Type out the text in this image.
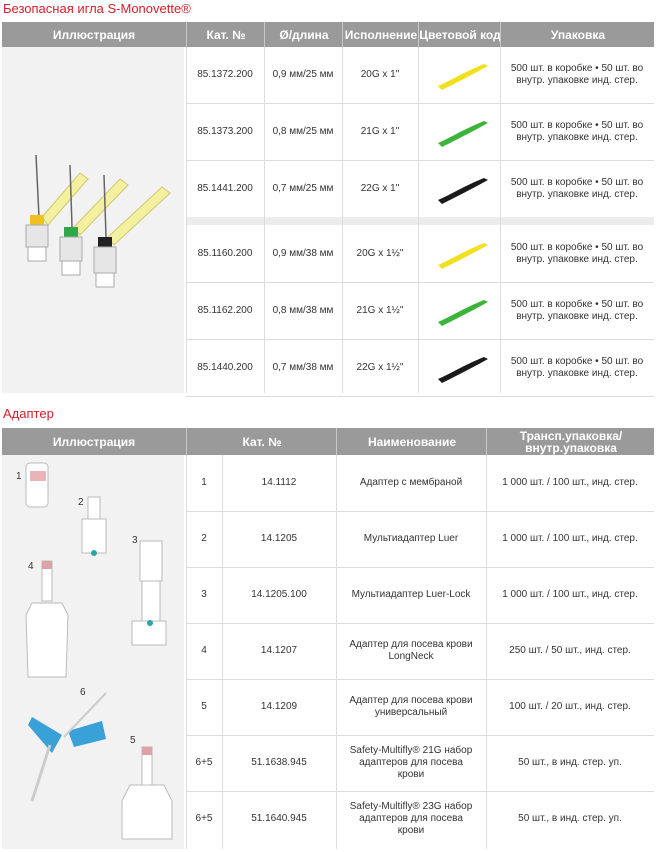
Безопасная игла S-Monovette®
Иллюстрация	Кат. №	Ø/длина	Исполнение Цветовой код	Упаковка
85.1372.200	0,9 мм/25 мм	20G x 1"
500 шт. в коробке • 50 шт. во внутр. упаковке инд. стер.
85.1373.200	0,8 мм/25 мм	21G x 1"
500 шт. в коробке • 50 шт. во внутр. упаковке инд. стер.
85.1441.200	0,7 мм/25 мм	22G x 1"
500 шт. в коробке • 50 шт. во внутр. упаковке инд. стер.
85.1160.200	0,9 мм/38 мм	20G x 1½"
500 шт. в коробке • 50 шт. во внутр. упаковке инд. стер.
85.1162.200	0,8 мм/38 мм	21G x 1½"
500 шт. в коробке • 50 шт. во внутр. упаковке инд. стер.
85.1440.200	0,7 мм/38 мм	22G x 1½"
500 шт. в коробке • 50 шт. во внутр. упаковке инд. стер.
Адаптер
Иллюстрация	Кат. №	Наименование	Трансп.упаковка/ внутр.упаковка
1
2
3
4
5
6
1	14.1112	Адаптер с мембраной	1 000 шт. / 100 шт., инд. стер.
2	14.1205	Мультиадаптер Luer	1 000 шт. / 100 шт., инд. стер.
3	14.1205.100	Мультиадаптер Luer-Lock	1 000 шт. / 100 шт., инд. стер.
4	14.1207
Адаптер для посева крови LongNeck
250 шт. / 50 шт., инд. стер.
5	14.1209
Адаптер для посева крови универсальный
100 шт. / 20 шт., инд. стер.
6+5	51.1638.945
Safety-Multifly® 21G набор адаптеров для посева крови
50 шт., в инд. стер. уп.
6+5	51.1640.945
Safety-Multifly® 23G набор адаптеров для посева крови
50 шт., в инд. стер. уп.
